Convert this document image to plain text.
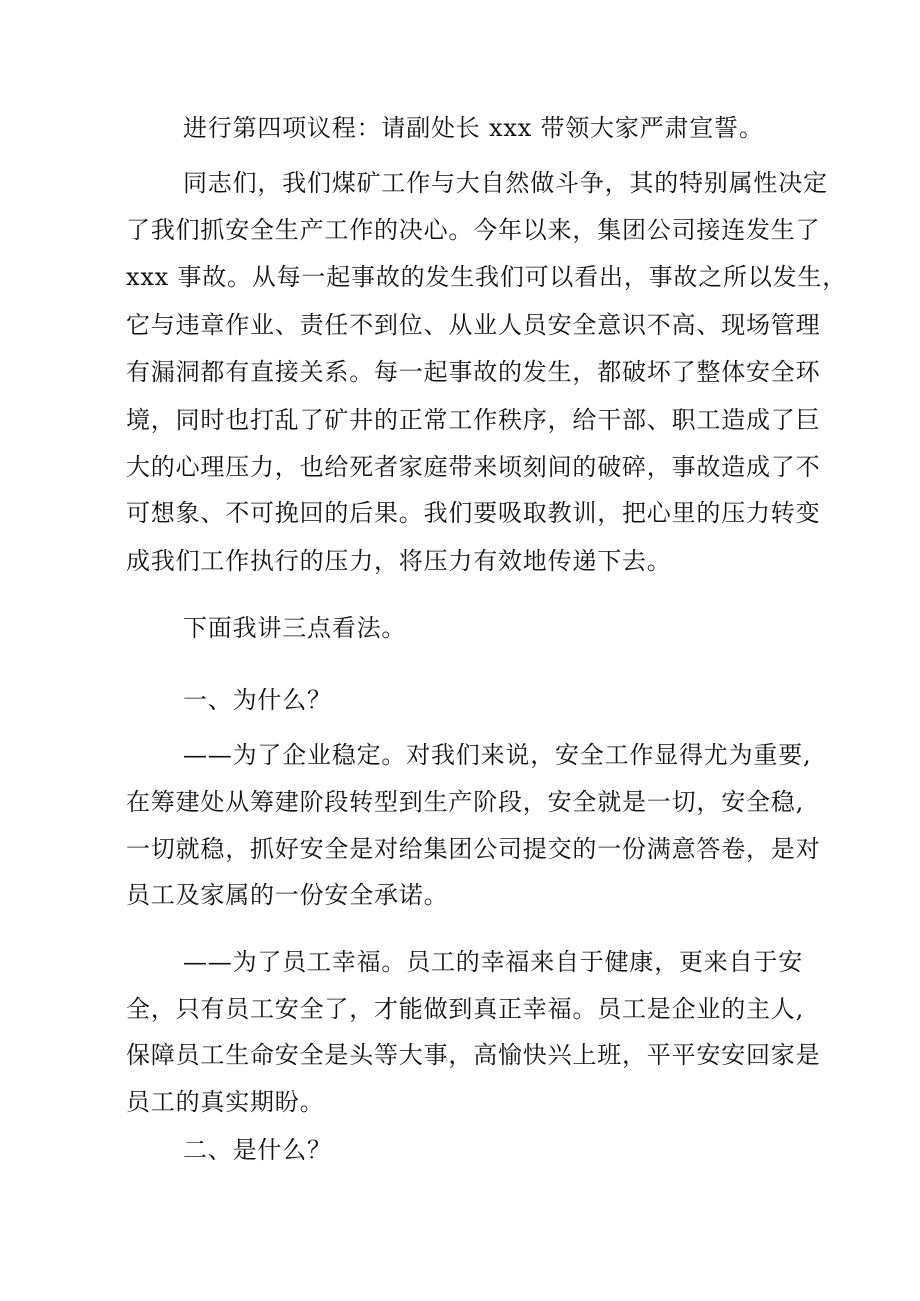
进行第四项议程：请副处长 xxx 带领大家严肃宣誓。
同志们，我们煤矿工作与大自然做斗争，其的特别属性决定
了我们抓安全生产工作的决心。今年以来，集团公司接连发生了
xxx 事故。从每一起事故的发生我们可以看出，事故之所以发生，
它与违章作业、责任不到位、从业人员安全意识不高、现场管理
有漏洞都有直接关系。每一起事故的发生，都破坏了整体安全环
境，同时也打乱了矿井的正常工作秩序，给干部、职工造成了巨
大的心理压力，也给死者家庭带来顷刻间的破碎，事故造成了不
可想象、不可挽回的后果。我们要吸取教训，把心里的压力转变
成我们工作执行的压力，将压力有效地传递下去。
下面我讲三点看法。
一、为什么？
——为了企业稳定。对我们来说，安全工作显得尤为重要,
在筹建处从筹建阶段转型到生产阶段，安全就是一切，安全稳,
一切就稳，抓好安全是对给集团公司提交的一份满意答卷，是对
员工及家属的一份安全承诺。
——为了员工幸福。员工的幸福来自于健康，更来自于安
全，只有员工安全了，才能做到真正幸福。员工是企业的主人,
保障员工生命安全是头等大事，高愉快兴上班，平平安安回家是
员工的真实期盼。
二、是什么？
